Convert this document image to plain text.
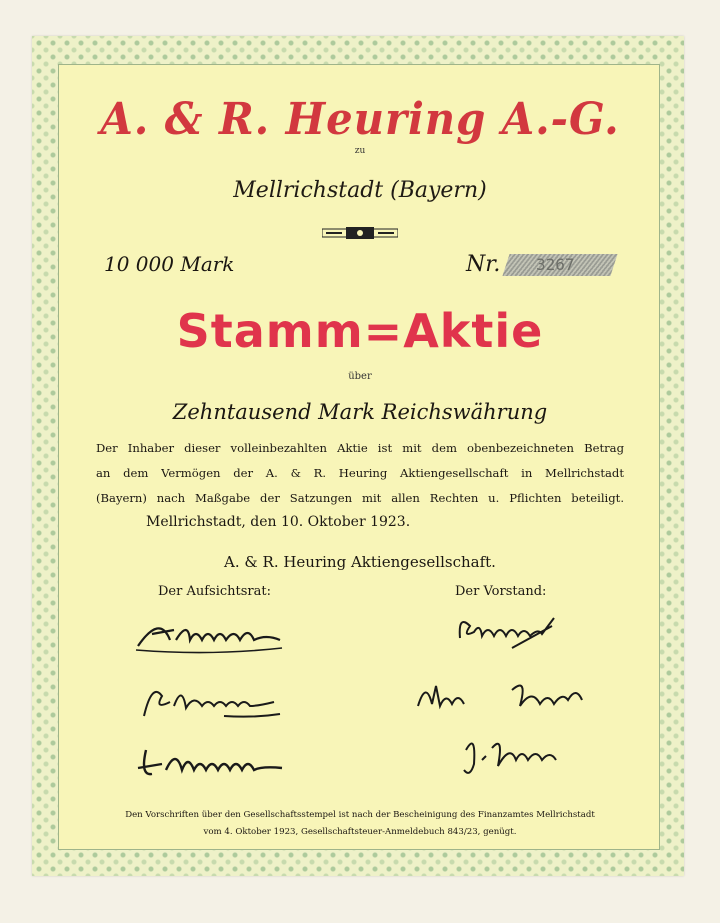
A. & R. Heuring A.-G.
zu
Mellrichstadt (Bayern)
10 000 Mark	Nr. 3267
Stamm=Aktie
über
Zehntausend Mark Reichswährung
Der Inhaber dieser volleinbezahlten Aktie ist mit dem obenbezeichneten Betrag
an dem Vermögen der A. & R. Heuring Aktiengesellschaft in Mellrichstadt
(Bayern) nach Maßgabe der Satzungen mit allen Rechten u. Pflichten beteiligt.
Mellrichstadt, den 10. Oktober 1923.
A. & R. Heuring Aktiengesellschaft.
Der Aufsichtsrat:	Der Vorstand:
Den Vorschriften über den Gesellschaftsstempel ist nach der Bescheinigung des Finanzamtes Mellrichstadt
vom 4. Oktober 1923, Gesellschaftsteuer-Anmeldebuch 843/23, genügt.
